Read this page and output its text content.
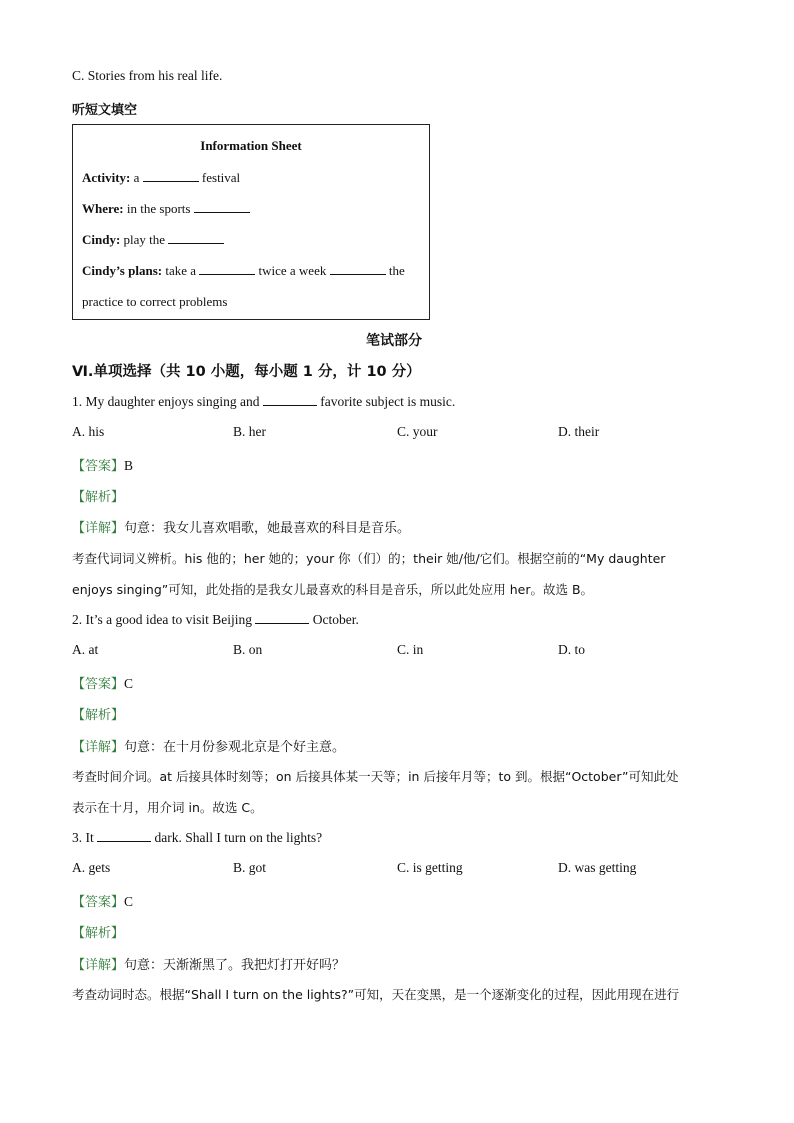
C. Stories from his real life.
听短文填空
Information Sheet
Activity: a	festival
Where: in the sports
Cindy: play the
Cindy’s plans: take a	twice a week	the
practice to correct problems
笔试部分
Ⅵ.单项选择（共 10 小题，每小题 1 分，计 10 分）
1. My daughter enjoys singing and	favorite subject is music.
A. his	B. her	C. your	D. their
【答案】B
【解析】
【详解】句意：我女儿喜欢唱歌，她最喜欢的科目是音乐。
考查代词词义辨析。his 他的；her 她的；your 你（们）的；their 她/他/它们。根据空前的“My daughter
enjoys singing”可知，此处指的是我女儿最喜欢的科目是音乐，所以此处应用 her。故选 B。
2. It’s a good idea to visit Beijing	October.
A. at	B. on	C. in	D. to
【答案】C
【解析】
【详解】句意：在十月份参观北京是个好主意。
考查时间介词。at 后接具体时刻等；on 后接具体某一天等；in 后接年月等；to 到。根据“October”可知此处
表示在十月，用介词 in。故选 C。
3. It	dark. Shall I turn on the lights?
A. gets	B. got	C. is getting	D. was getting
【答案】C
【解析】
【详解】句意：天渐渐黑了。我把灯打开好吗？
考查动词时态。根据“Shall I turn on the lights?”可知，天在变黑，是一个逐渐变化的过程，因此用现在进行
